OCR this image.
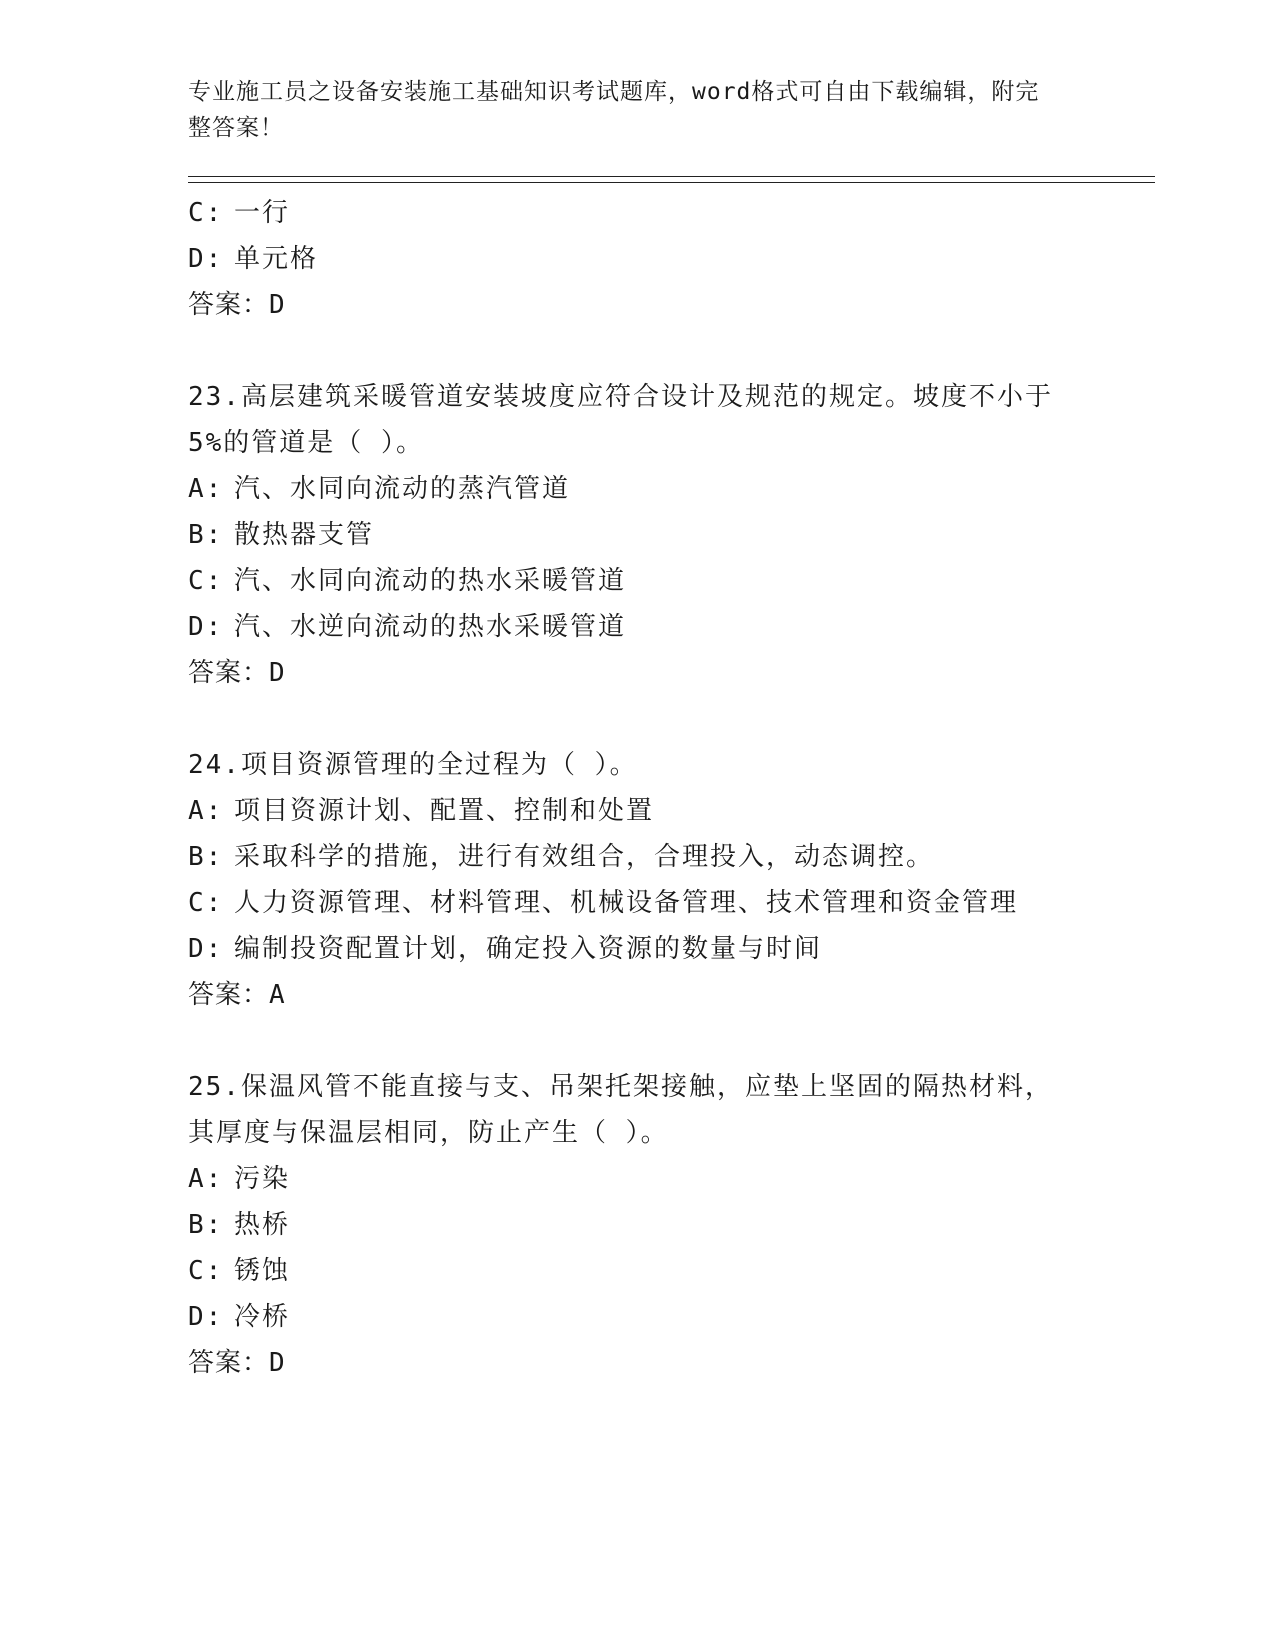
专业施工员之设备安装施工基础知识考试题库，word格式可自由下载编辑，附完
整答案！
C: 一行
D: 单元格
答案：D
23.高层建筑采暖管道安装坡度应符合设计及规范的规定。坡度不小于
5%的管道是（ ）。
A: 汽、水同向流动的蒸汽管道
B: 散热器支管
C: 汽、水同向流动的热水采暖管道
D: 汽、水逆向流动的热水采暖管道
答案：D
24.项目资源管理的全过程为（ ）。
A: 项目资源计划、配置、控制和处置
B: 采取科学的措施，进行有效组合，合理投入，动态调控。
C: 人力资源管理、材料管理、机械设备管理、技术管理和资金管理
D: 编制投资配置计划，确定投入资源的数量与时间
答案：A
25.保温风管不能直接与支、吊架托架接触，应垫上坚固的隔热材料，
其厚度与保温层相同，防止产生（ ）。
A: 污染
B: 热桥
C: 锈蚀
D: 冷桥
答案：D
